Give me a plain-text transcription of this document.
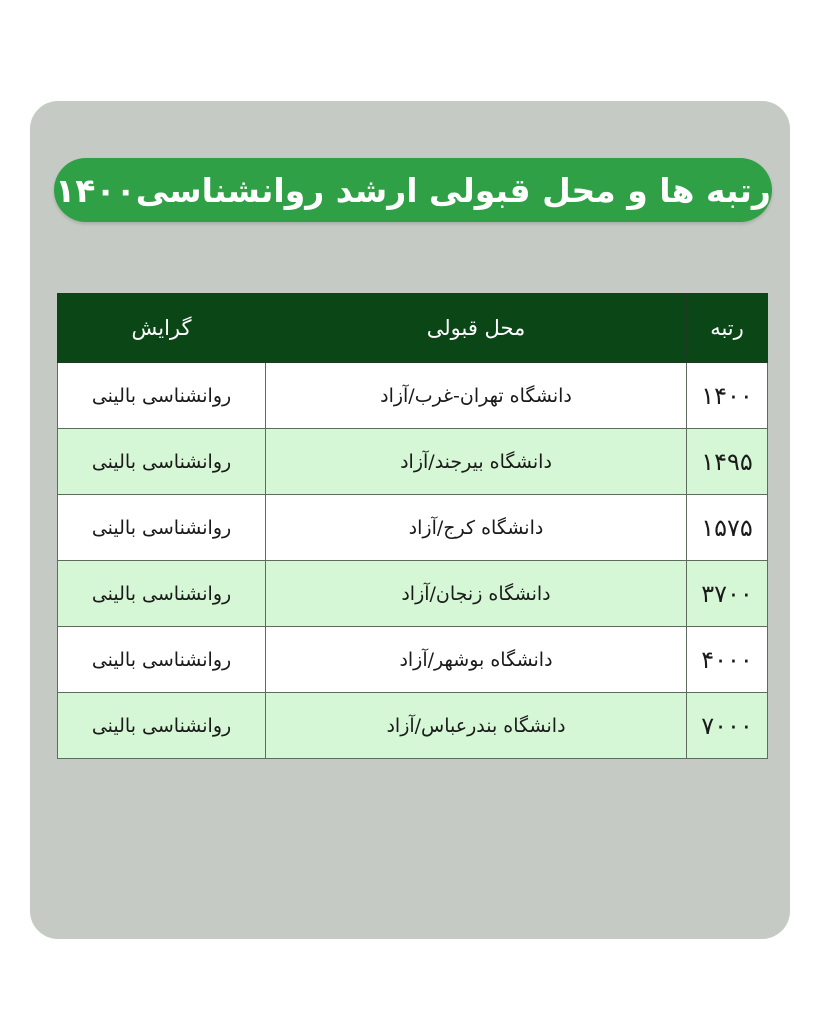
رتبه ها و محل قبولی ارشد روانشناسی۱۴۰۰
رتبه	محل قبولی	گرایش
۱۴۰۰	دانشگاه تهران-غرب/آزاد	روانشناسی بالینی
۱۴۹۵	دانشگاه بیرجند/آزاد	روانشناسی بالینی
۱۵۷۵	دانشگاه کرج/آزاد	روانشناسی بالینی
۳۷۰۰	دانشگاه زنجان/آزاد	روانشناسی بالینی
۴۰۰۰	دانشگاه بوشهر/آزاد	روانشناسی بالینی
۷۰۰۰	دانشگاه بندرعباس/آزاد	روانشناسی بالینی
